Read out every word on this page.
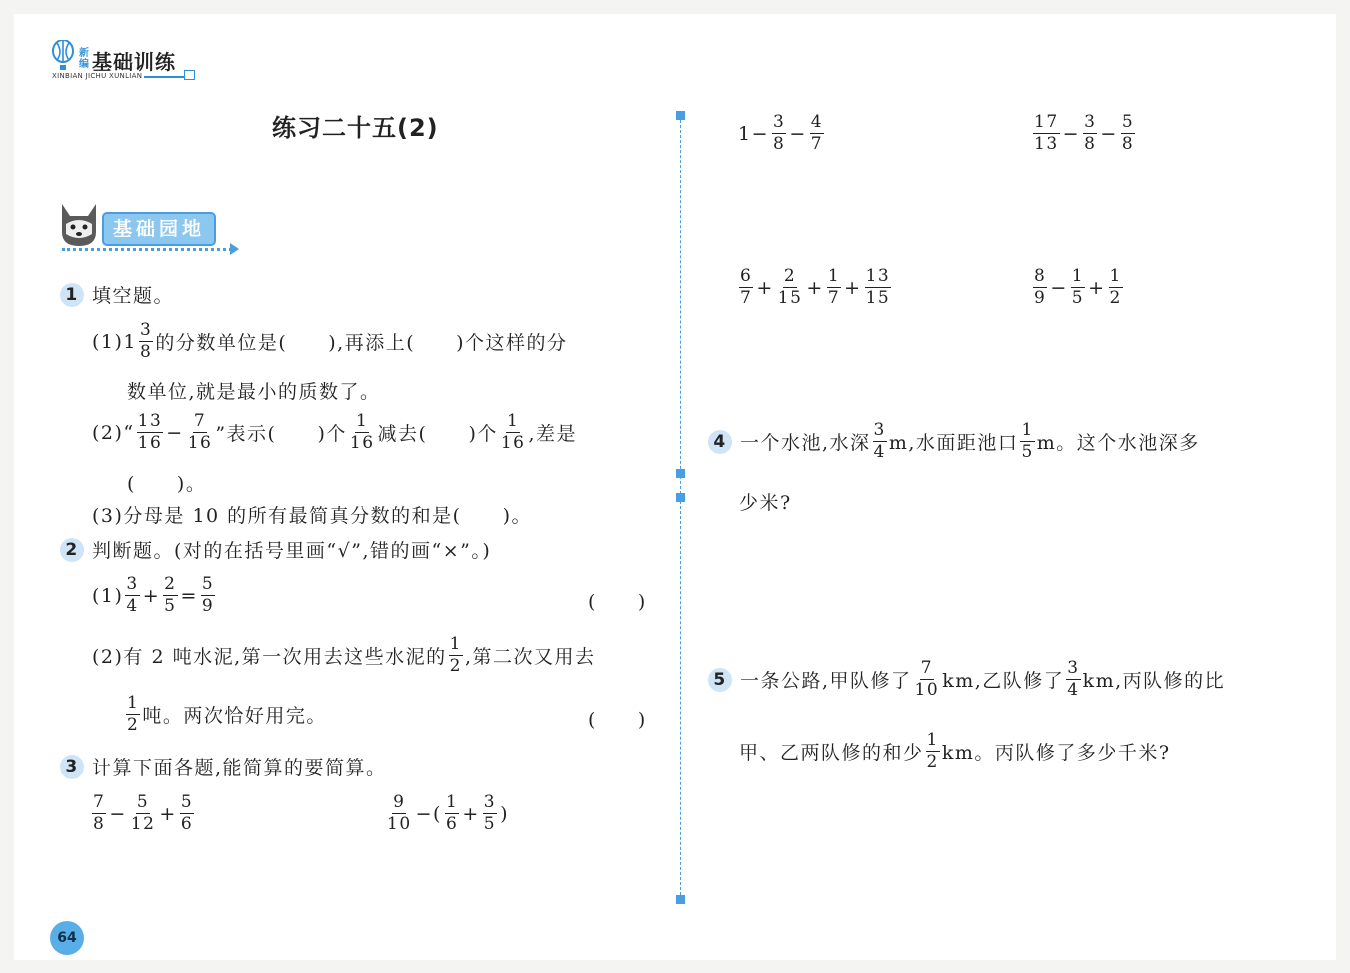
新
编 基础训练
XINBIAN JICHU XUNLIAN
练习二十五(2)
基础园地
1 填空题。
$(1)1 \frac{3}{8}$ 的分数单位是(　　),再添上(　　)个这样的分
数单位,就是最小的质数了。
(2)“ $\frac{13}{16} - \frac{7}{16}$ ”表示(　　)个 $\frac{1}{16}$ 减去(　　)个 $\frac{1}{16}$ ,差是
(　　)。
(3)分母是 10 的所有最简真分数的和是(　　)。
2 判断题。(对的在括号里画“√”,错的画“×”。)
$(1) \frac{3}{4} + \frac{2}{5} = \frac{5}{9}$	(　　)
(2)有 2 吨水泥,第一次用去这些水泥的 $\frac{1}{2}$ ,第二次又用去
$\frac{1}{2}$ 吨。两次恰好用完。	(　　)
3 计算下面各题,能简算的要简算。
$\frac{7}{8} - \frac{5}{12} + \frac{5}{6}$	$\frac{9}{10}$ −( $\frac{1}{6} + \frac{3}{5}$ )
$1- \frac{3}{8} - \frac{4}{7}$	$\frac{17}{13} - \frac{3}{8} - \frac{5}{8}$
$\frac{6}{7} + \frac{2}{15} + \frac{1}{7} + \frac{13}{15}$	$\frac{8}{9} - \frac{1}{5} + \frac{1}{2}$
4 一个水池,水深 $\frac{3}{4} m$,水面距池口 $\frac{1}{5}$ m。这个水池深多
少米?
5 一条公路,甲队修了 $\frac{7}{10}$ km,乙队修了 $\frac{3}{4}$ km,丙队修的比
甲、乙两队修的和少 $\frac{1}{2}$ km。丙队修了多少千米?
64
